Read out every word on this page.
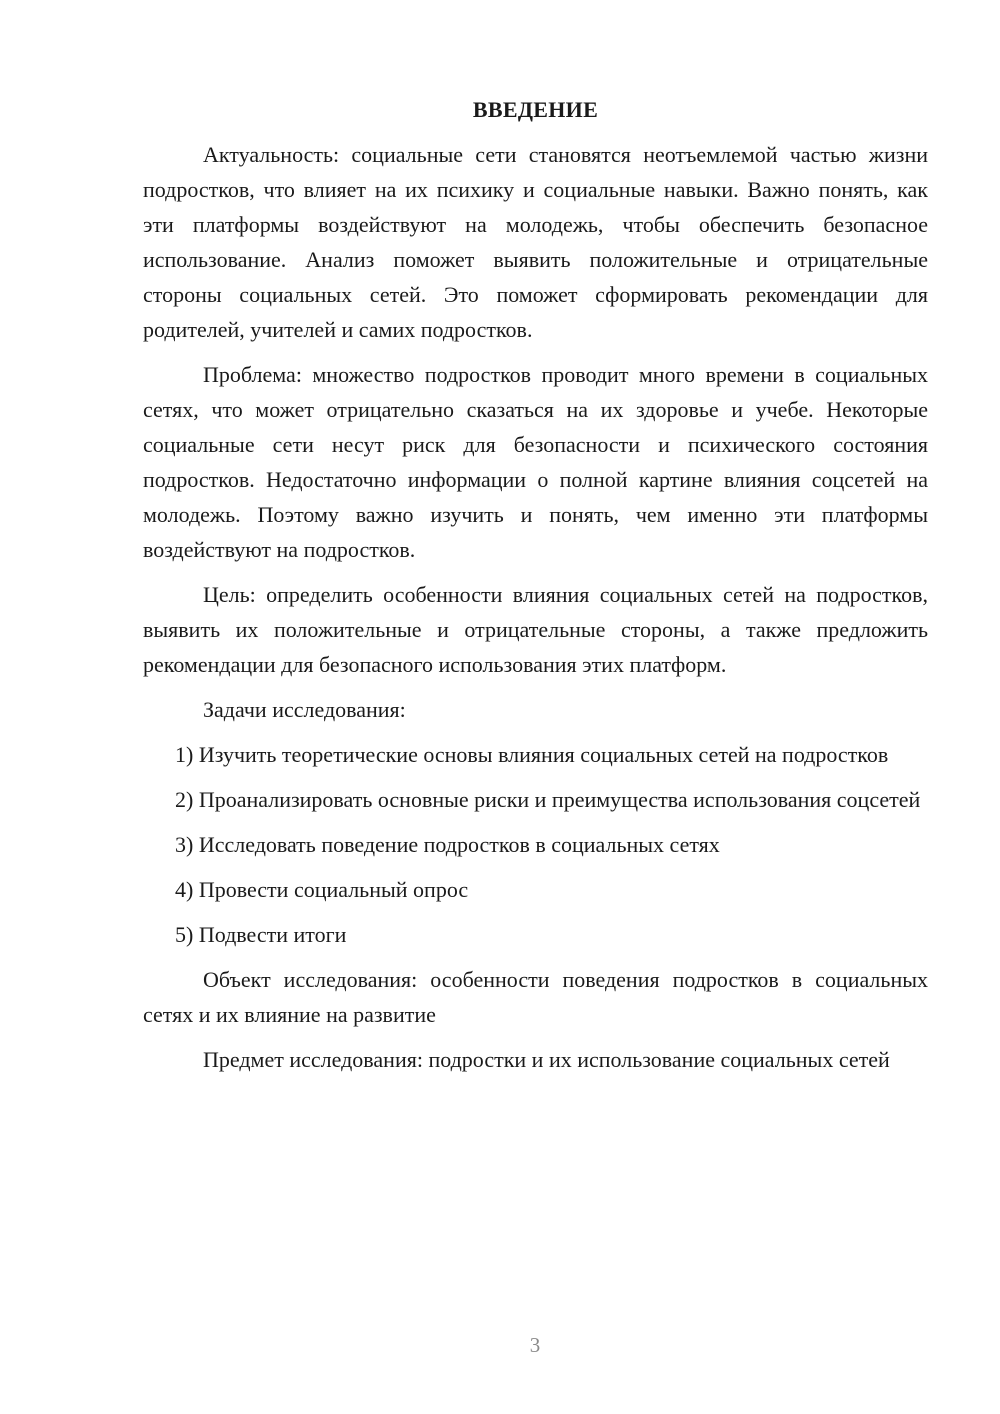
ВВЕДЕНИЕ

Актуальность: социальные сети становятся неотъемлемой частью жизни подростков, что влияет на их психику и социальные навыки. Важно понять, как эти платформы воздействуют на молодежь, чтобы обеспечить безопасное использование. Анализ поможет выявить положительные и отрицательные стороны социальных сетей. Это поможет сформировать рекомендации для родителей, учителей и самих подростков.

Проблема: множество подростков проводит много времени в социальных сетях, что может отрицательно сказаться на их здоровье и учебе. Некоторые социальные сети несут риск для безопасности и психического состояния подростков. Недостаточно информации о полной картине влияния соцсетей на молодежь. Поэтому важно изучить и понять, чем именно эти платформы воздействуют на подростков.

Цель: определить особенности влияния социальных сетей на подростков, выявить их положительные и отрицательные стороны, а также предложить рекомендации для безопасного использования этих платформ.

Задачи исследования:

1) Изучить теоретические основы влияния социальных сетей на подростков

2) Проанализировать основные риски и преимущества использования соцсетей

3) Исследовать поведение подростков в социальных сетях

4) Провести социальный опрос

5) Подвести итоги

Объект исследования: особенности поведения подростков в социальных сетях и их влияние на развитие

Предмет исследования: подростки и их использование социальных сетей

3
